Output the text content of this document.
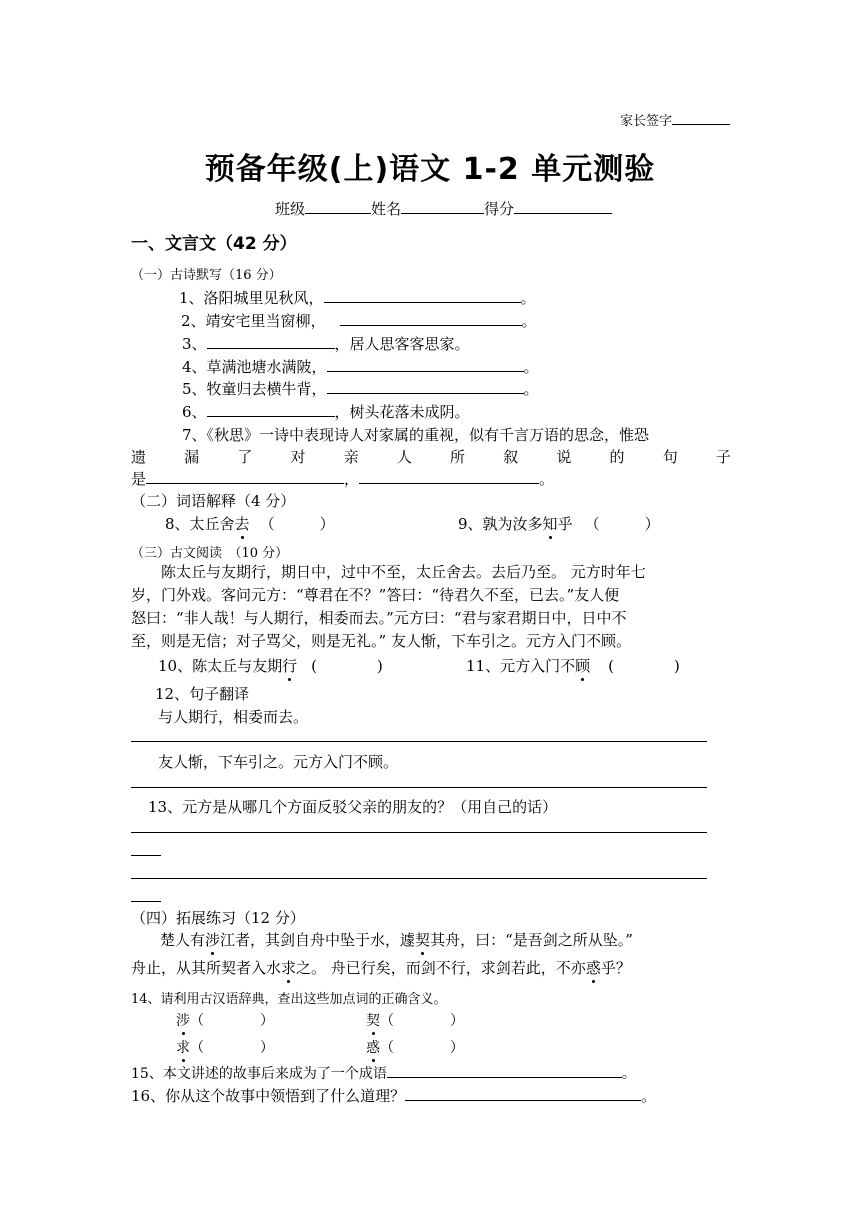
家长签字
预备年级(上)语文 1-2 单元测验
班级	姓名	得分
一、文言文（42 分）
（一）古诗默写（16 分）
1、洛阳城里见秋风，	。
2、靖安宅里当窗柳，	。
3、	，居人思客客思家。
4、草满池塘水满陂，	。
5、牧童归去横牛背，	。
6、	，树头花落未成阴。
7、《秋思》一诗中表现诗人对家属的重视，似有千言万语的思念，惟恐
遗	漏	了	对	亲	人	所	叙	说	的	句	子
是	，	。
（二）词语解释（4 分）
8、太丘舍去 （　　　）	9、孰为汝多知乎 （　　　）
（三）古文阅读　（10 分）
陈太丘与友期行，期日中，过中不至，太丘舍去。去后乃至。 元方时年七
岁，门外戏。客问元方：“尊君在不？”答曰：“待君久不至，已去。”友人便
怒曰：“非人哉！与人期行，相委而去。”元方曰：“君与家君期日中，日中不
至，则是无信；对子骂父，则是无礼。” 友人惭，下车引之。元方入门不顾。
10、陈太丘与友期行 (　　　　)	11、元方入门不顾 (　　　　)
12、句子翻译
与人期行，相委而去。
友人惭，下车引之。元方入门不顾。
13、元方是从哪几个方面反驳父亲的朋友的？（用自己的话）
（四）拓展练习（12 分）
楚人有涉江者，其剑自舟中坠于水，遽契其舟，曰：“是吾剑之所从坠。”
舟止，从其所契者入水求之。 舟已行矣，而剑不行，求剑若此，不亦惑乎？
14、请利用古汉语辞典，查出这些加点词的正确含义。
涉（　　　　）	契（　　　　）
求（　　　　）	惑（　　　　）
15、本文讲述的故事后来成为了一个成语	。
16、你从这个故事中领悟到了什么道理？	。
